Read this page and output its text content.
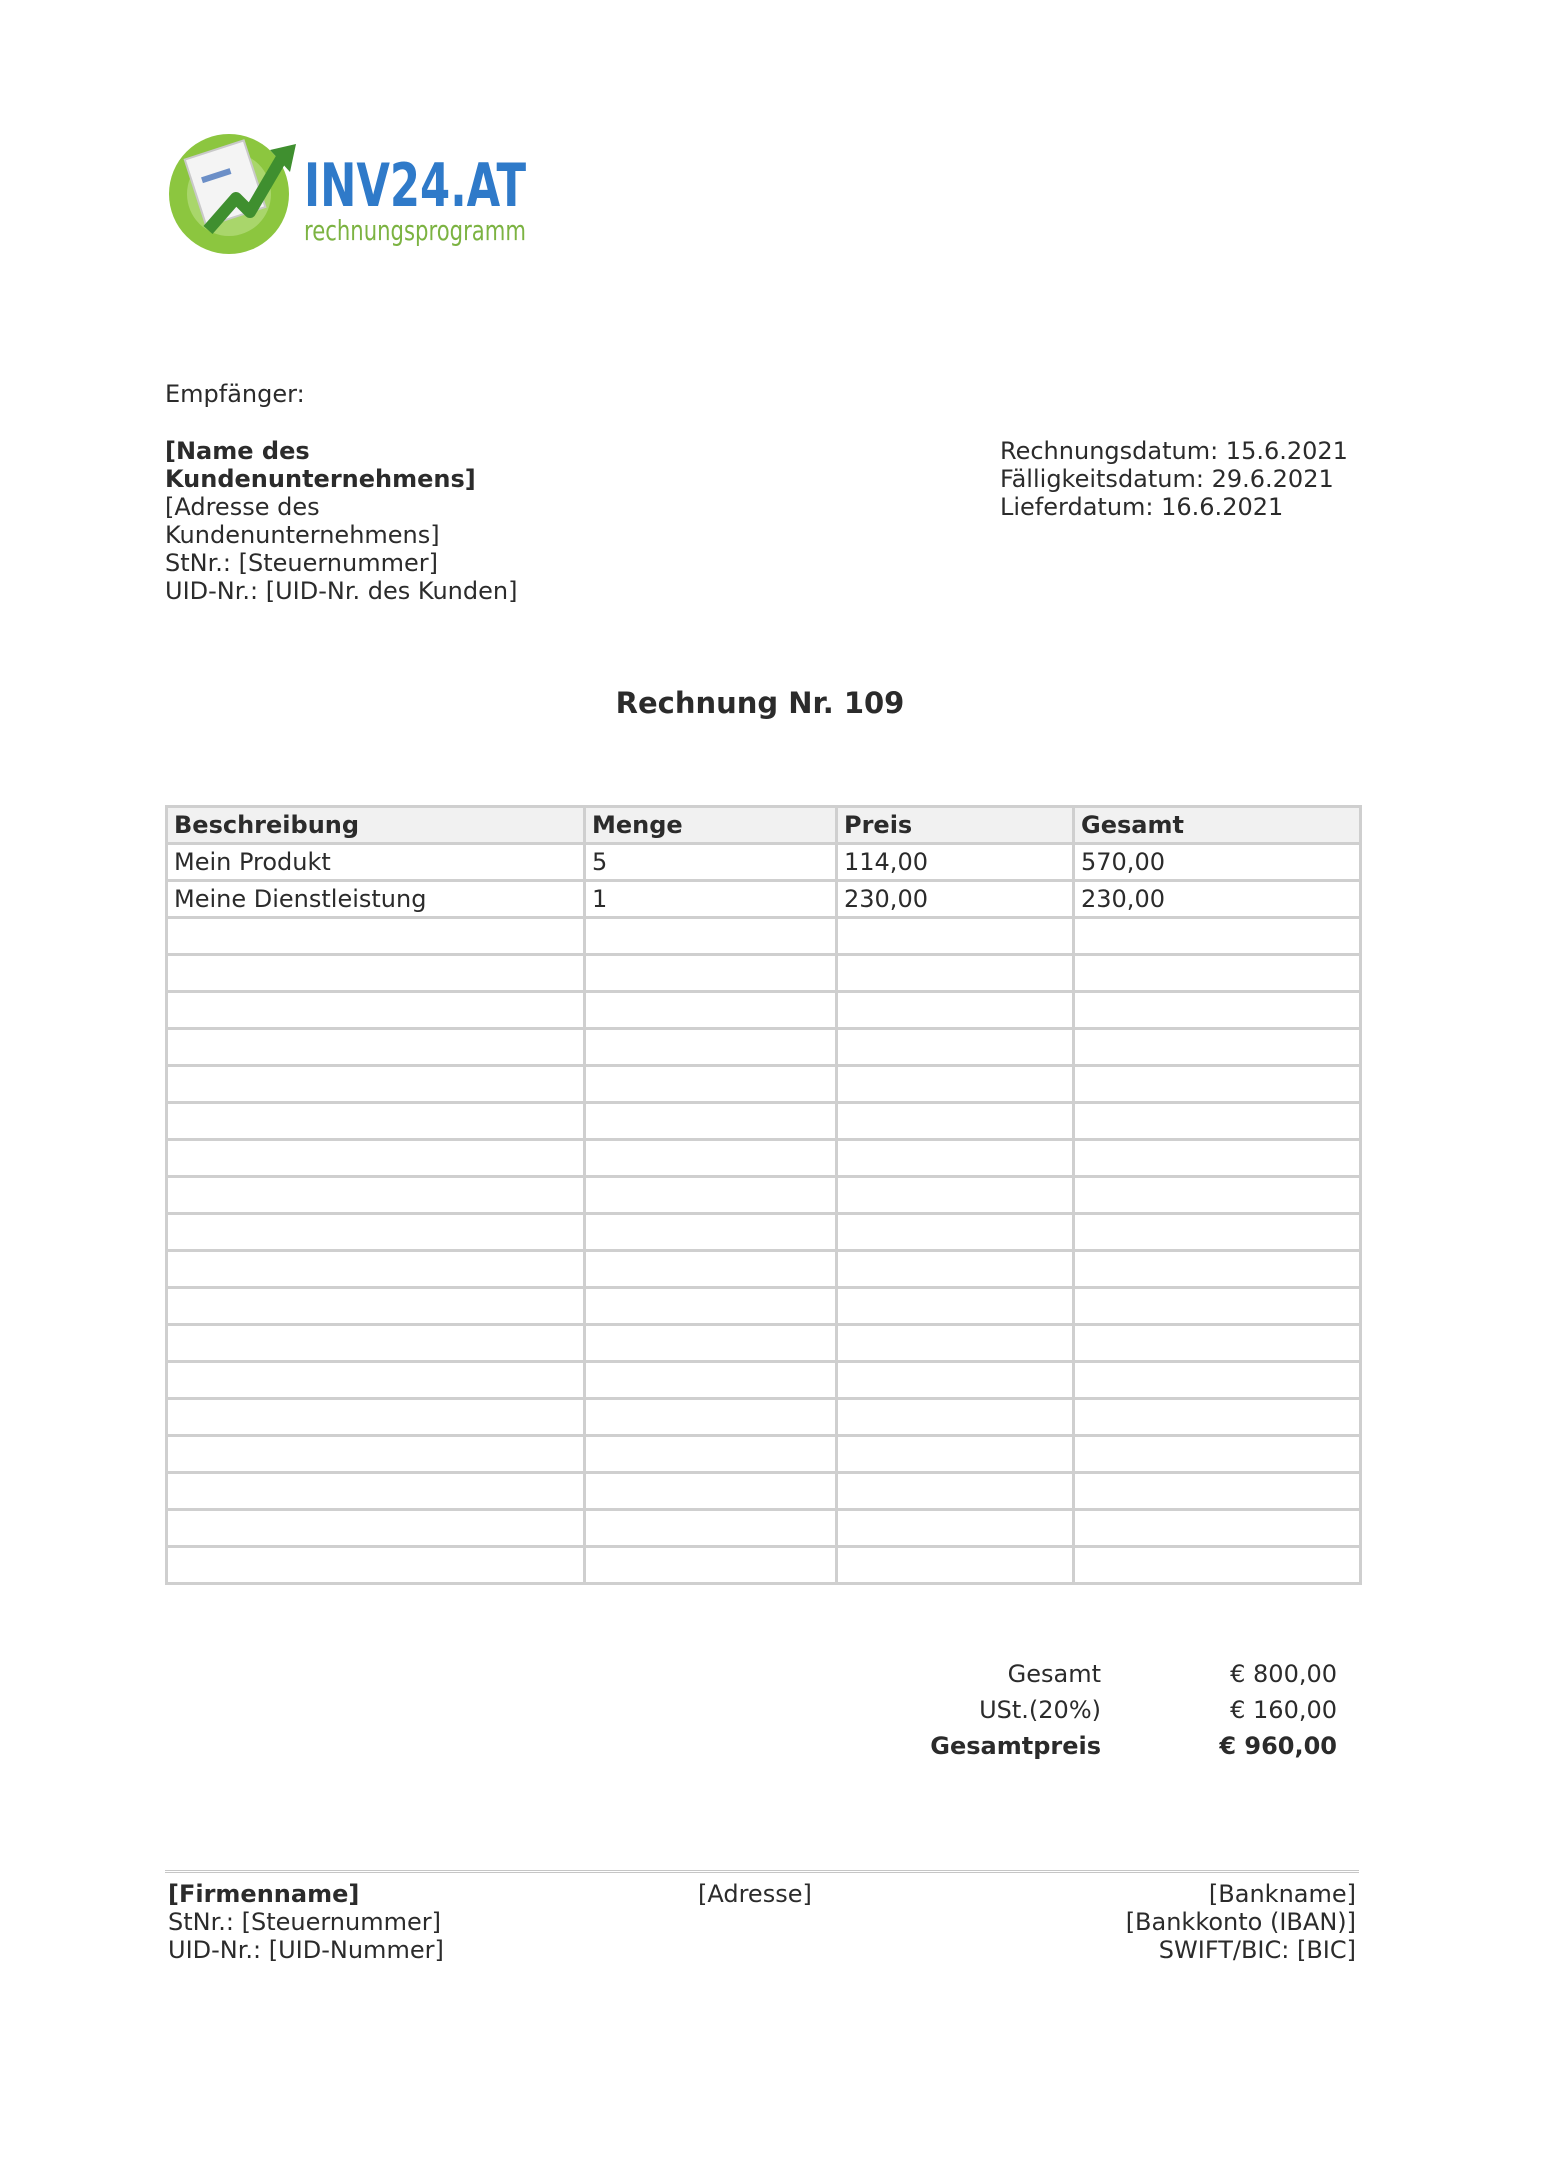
INV24.AT
rechnungsprogramm
Empfänger:
[Name des Kundenunternehmens]
[Adresse des Kundenunternehmens]
StNr.: [Steuernummer]
UID-Nr.: [UID-Nr. des Kunden]
Rechnungsdatum: 15.6.2021
Fälligkeitsdatum: 29.6.2021
Lieferdatum: 16.6.2021
Rechnung Nr. 109
Beschreibung	Menge	Preis	Gesamt
Mein Produkt	5	114,00	570,00
Meine Dienstleistung	1	230,00	230,00

Gesamt	€ 800,00
USt.(20%)	€ 160,00
Gesamtpreis	€ 960,00
[Firmenname]
StNr.: [Steuernummer]
UID-Nr.: [UID-Nummer]
[Adresse]	[Bankname]
[Bankkonto (IBAN)]
SWIFT/BIC: [BIC]
